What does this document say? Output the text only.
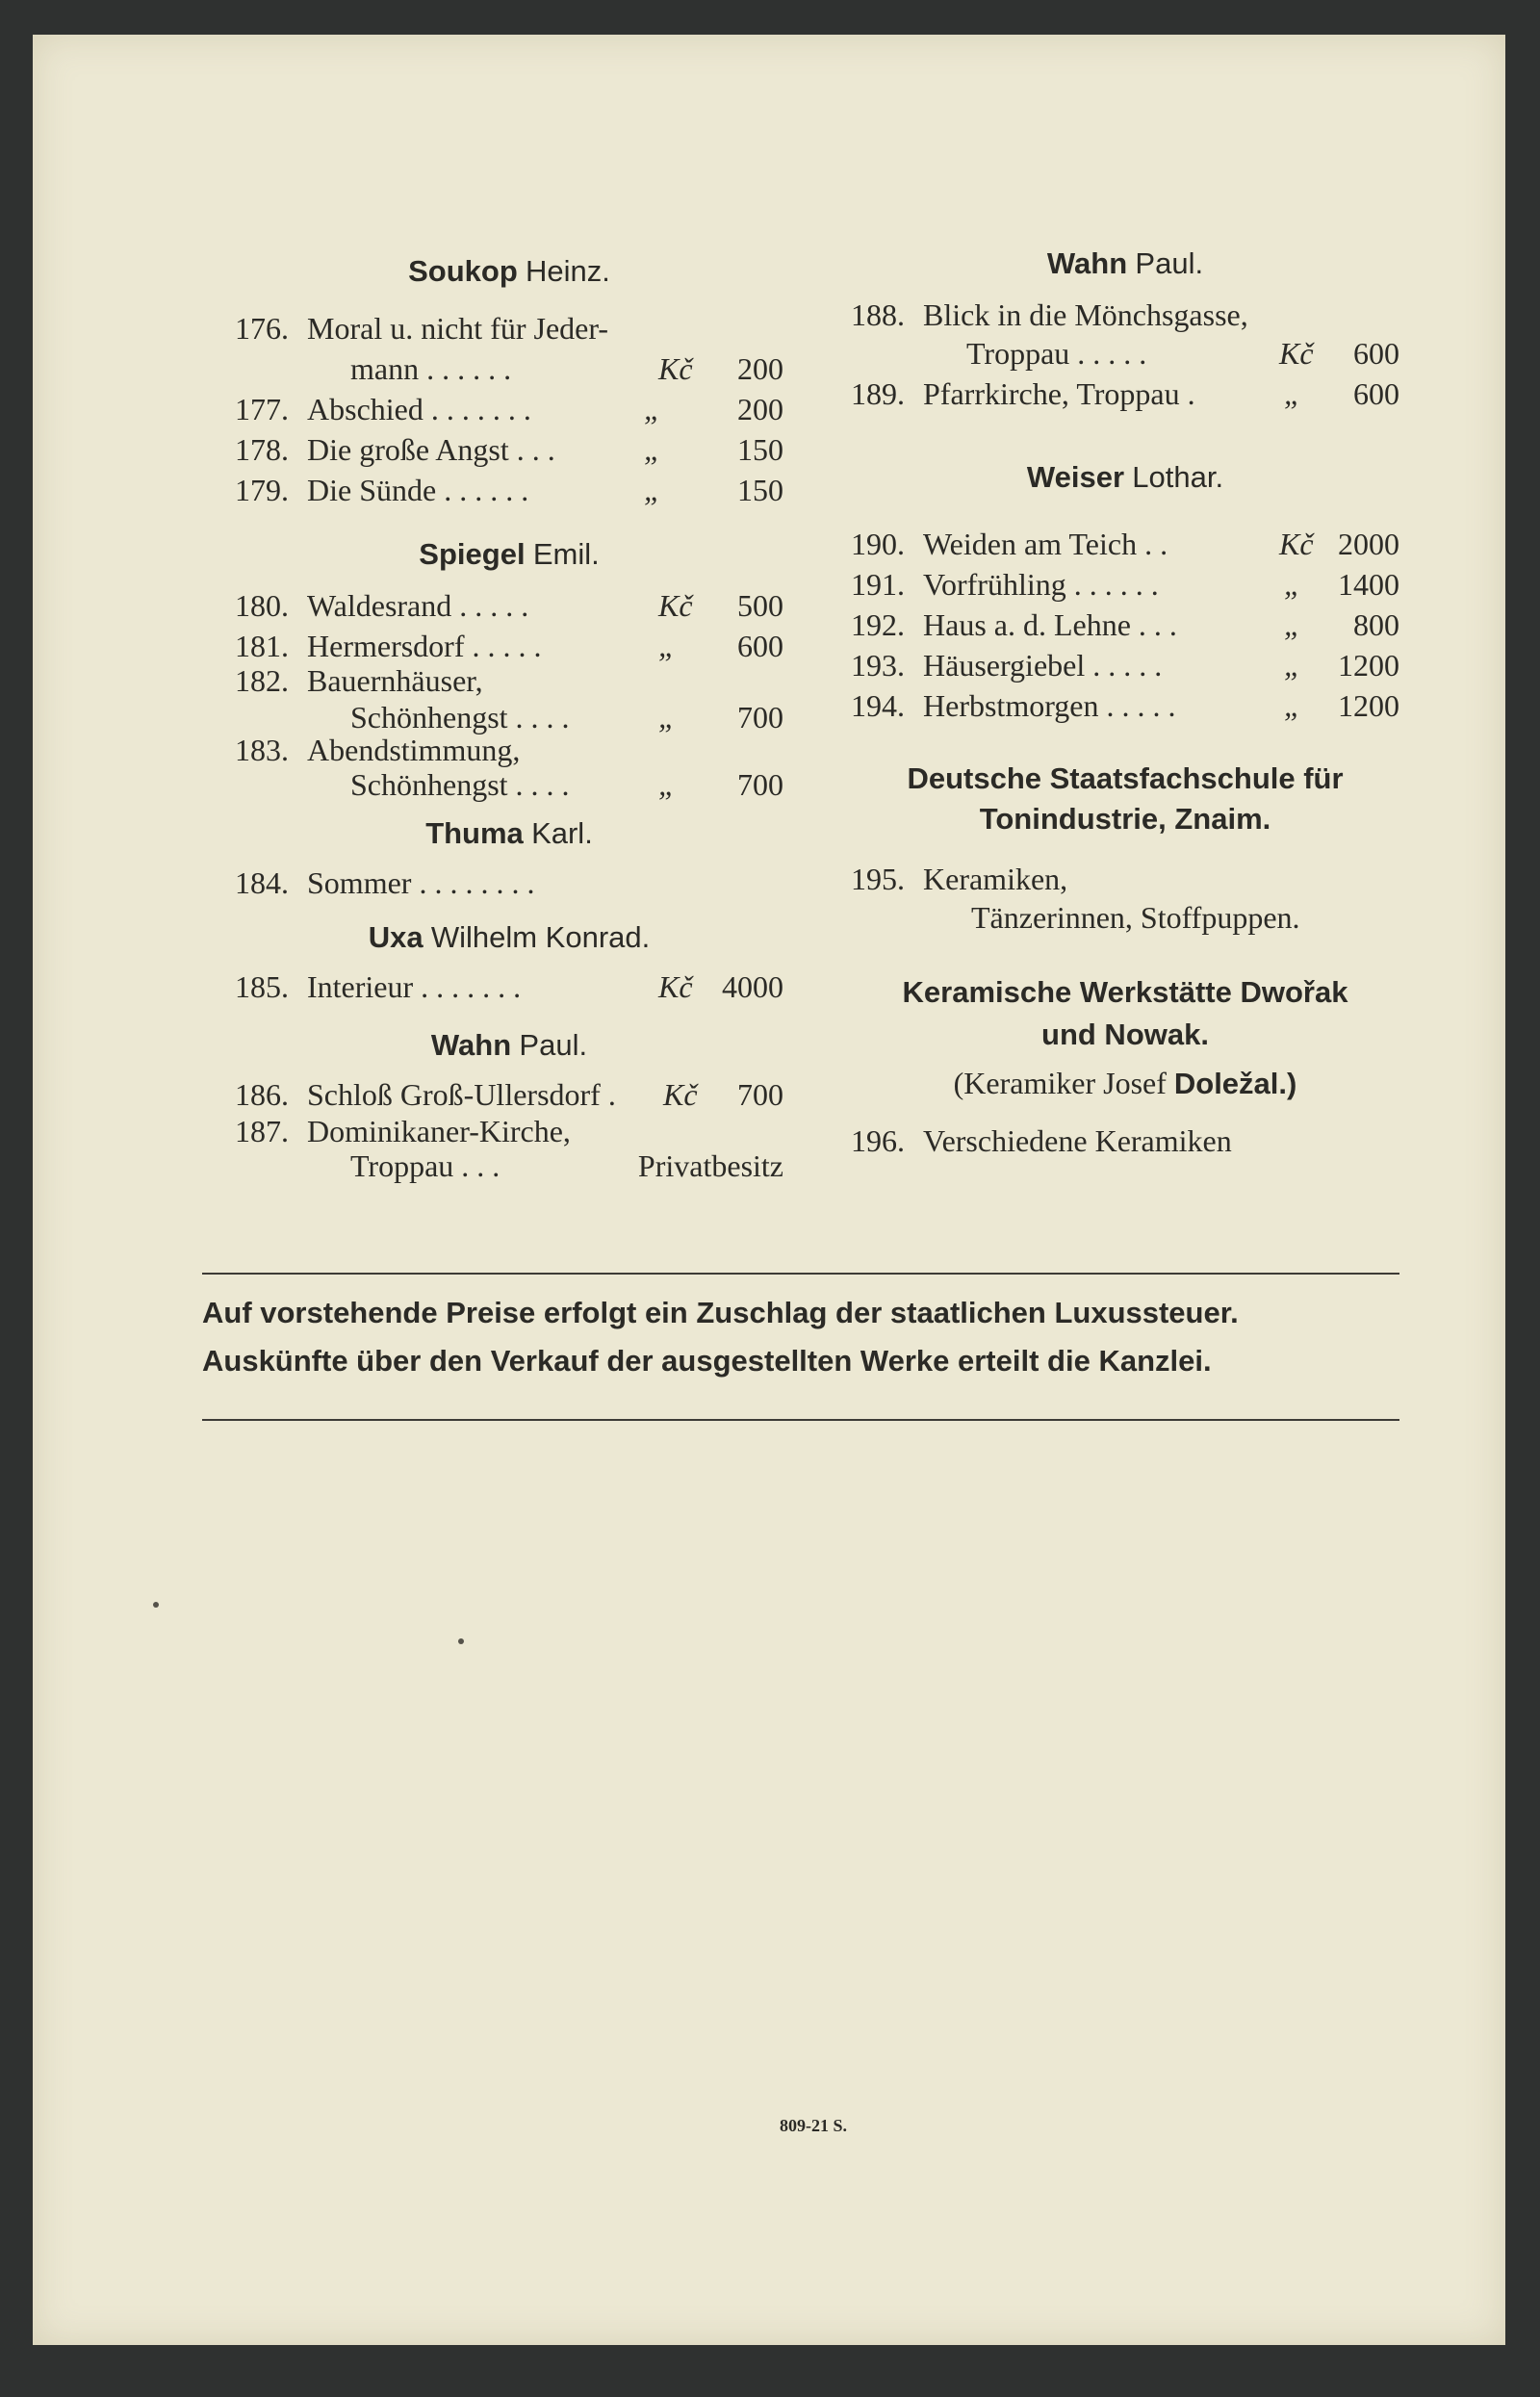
Soukop Heinz.
176. Moral u. nicht für Jeder-
mann . . . . . .	Kč 200
177. Abschied . . . . . . .	„ 200
178. Die große Angst . . .	„ 150
179. Die Sünde . . . . . .	„ 150
Spiegel Emil.
180. Waldesrand . . . . .	Kč 500
181. Hermersdorf . . . . .	„ 600
182. Bauernhäuser,
Schönhengst . . . .	„ 700
183. Abendstimmung,
Schönhengst . . . .	„ 700
Thuma Karl.
184. Sommer . . . . . . . .
Uxa Wilhelm Konrad.
185. Interieur . . . . . . .	Kč 4000
Wahn Paul.
186. Schloß Groß-Ullersdorf . Kč 700
187. Dominikaner-Kirche,
Troppau . . .	Privatbesitz
Wahn Paul.
188. Blick in die Mönchsgasse,
Troppau . . . . .	Kč 600
189. Pfarrkirche, Troppau .	„ 600
Weiser Lothar.
190. Weiden am Teich . .	Kč 2000
191. Vorfrühling . . . . . .	„ 1400
192. Haus a. d. Lehne . . .	„ 800
193. Häusergiebel . . . . .	„ 1200
194. Herbstmorgen . . . . .	„ 1200
Deutsche Staatsfachschule für
Tonindustrie, Znaim.
195. Keramiken,
Tänzerinnen, Stoffpuppen.
Keramische Werkstätte Dwořak
und Nowak.
(Keramiker Josef Doležal.)
196. Verschiedene Keramiken
Auf vorstehende Preise erfolgt ein Zuschlag der staatlichen Luxussteuer.
Auskünfte über den Verkauf der ausgestellten Werke erteilt die Kanzlei.
809-21 S.
